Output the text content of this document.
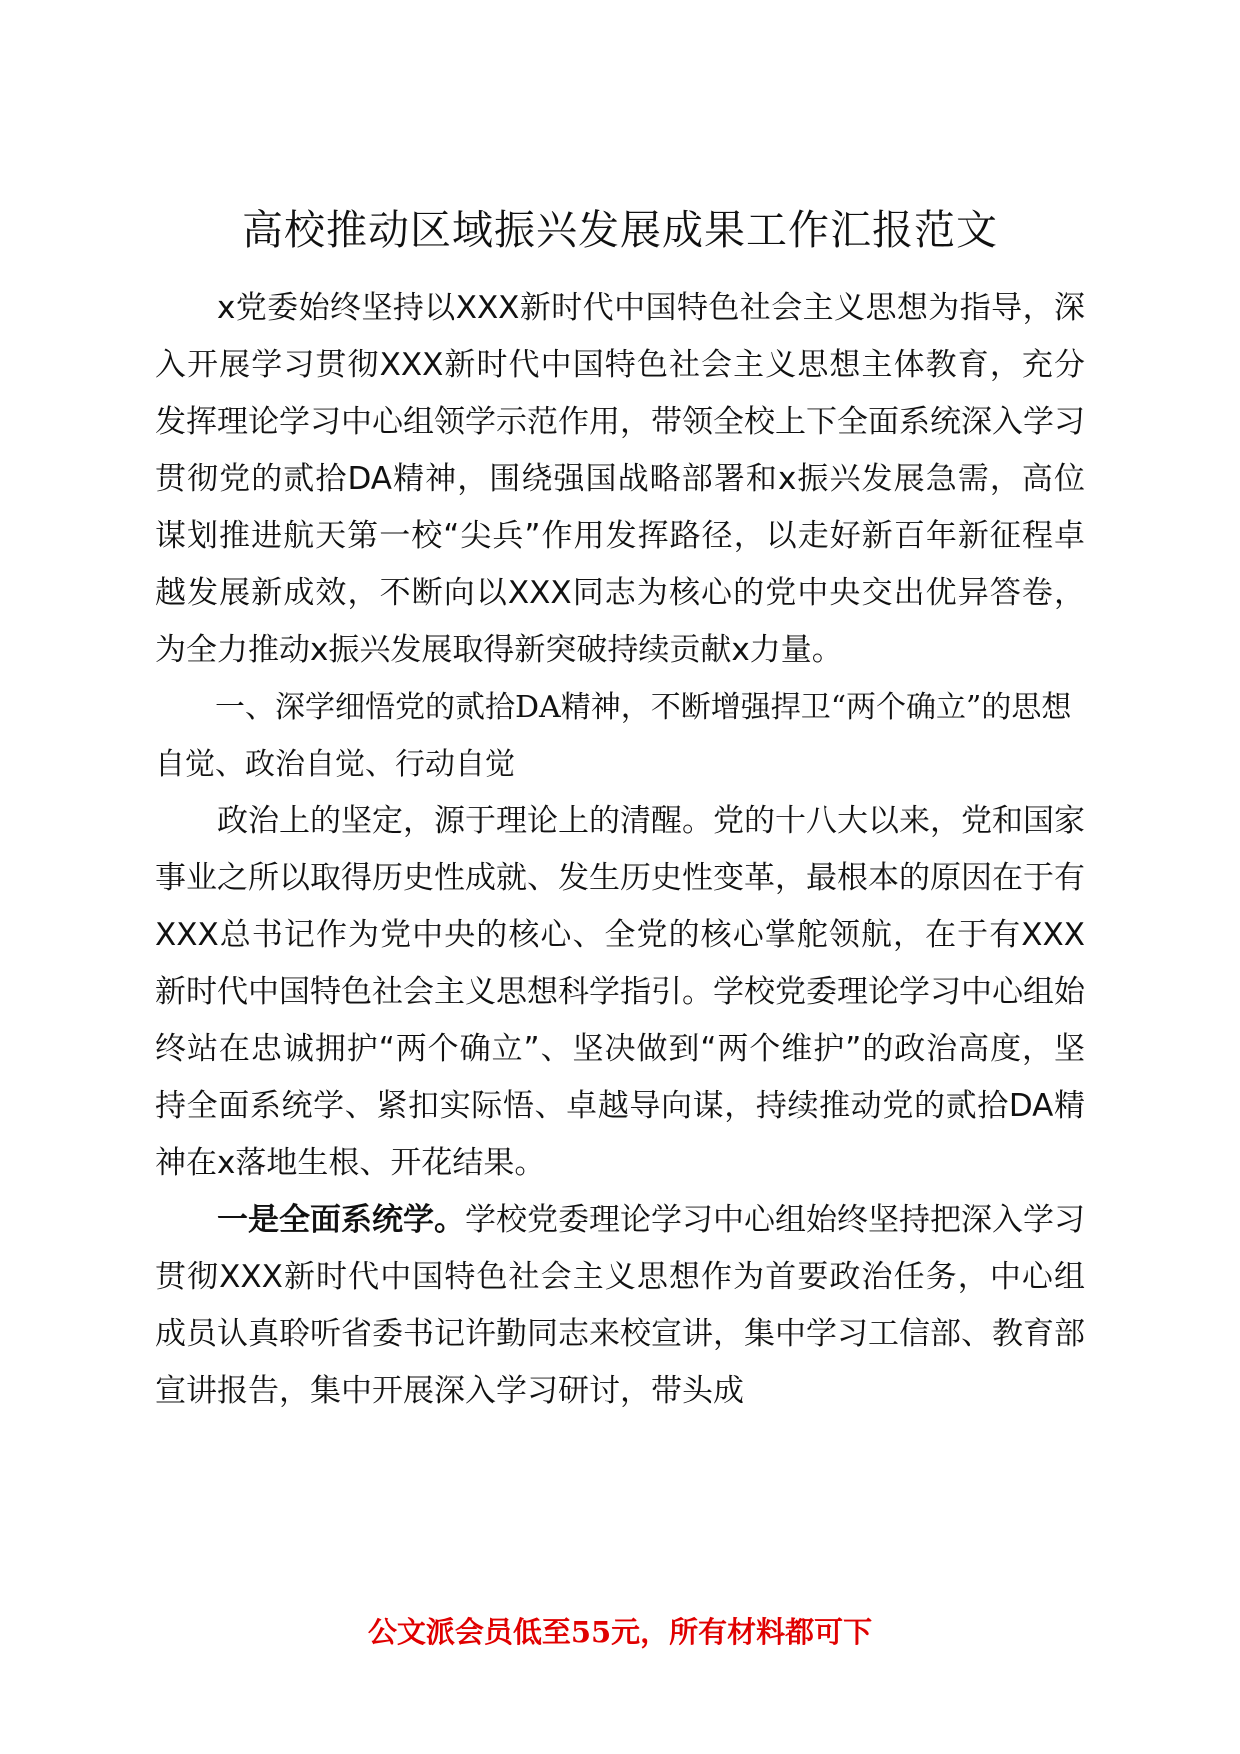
高校推动区域振兴发展成果工作汇报范文

x党委始终坚持以XXX新时代中国特色社会主义思想为指导，深入开展学习贯彻XXX新时代中国特色社会主义思想主体教育，充分发挥理论学习中心组领学示范作用，带领全校上下全面系统深入学习贯彻党的贰拾DA精神，围绕强国战略部署和x振兴发展急需，高位谋划推进航天第一校“尖兵”作用发挥路径，以走好新百年新征程卓越发展新成效，不断向以XXX同志为核心的党中央交出优异答卷，为全力推动x振兴发展取得新突破持续贡献x力量。

一、深学细悟党的贰拾DA精神，不断增强捍卫“两个确立”的思想自觉、政治自觉、行动自觉

政治上的坚定，源于理论上的清醒。党的十八大以来，党和国家事业之所以取得历史性成就、发生历史性变革，最根本的原因在于有XXX总书记作为党中央的核心、全党的核心掌舵领航，在于有XXX新时代中国特色社会主义思想科学指引。学校党委理论学习中心组始终站在忠诚拥护“两个确立”、坚决做到“两个维护”的政治高度，坚持全面系统学、紧扣实际悟、卓越导向谋，持续推动党的贰拾DA精神在x落地生根、开花结果。

一是全面系统学。学校党委理论学习中心组始终坚持把深入学习贯彻XXX新时代中国特色社会主义思想作为首要政治任务，中心组成员认真聆听省委书记许勤同志来校宣讲，集中学习工信部、教育部宣讲报告，集中开展深入学习研讨，带头成

公文派会员低至55元，所有材料都可下
